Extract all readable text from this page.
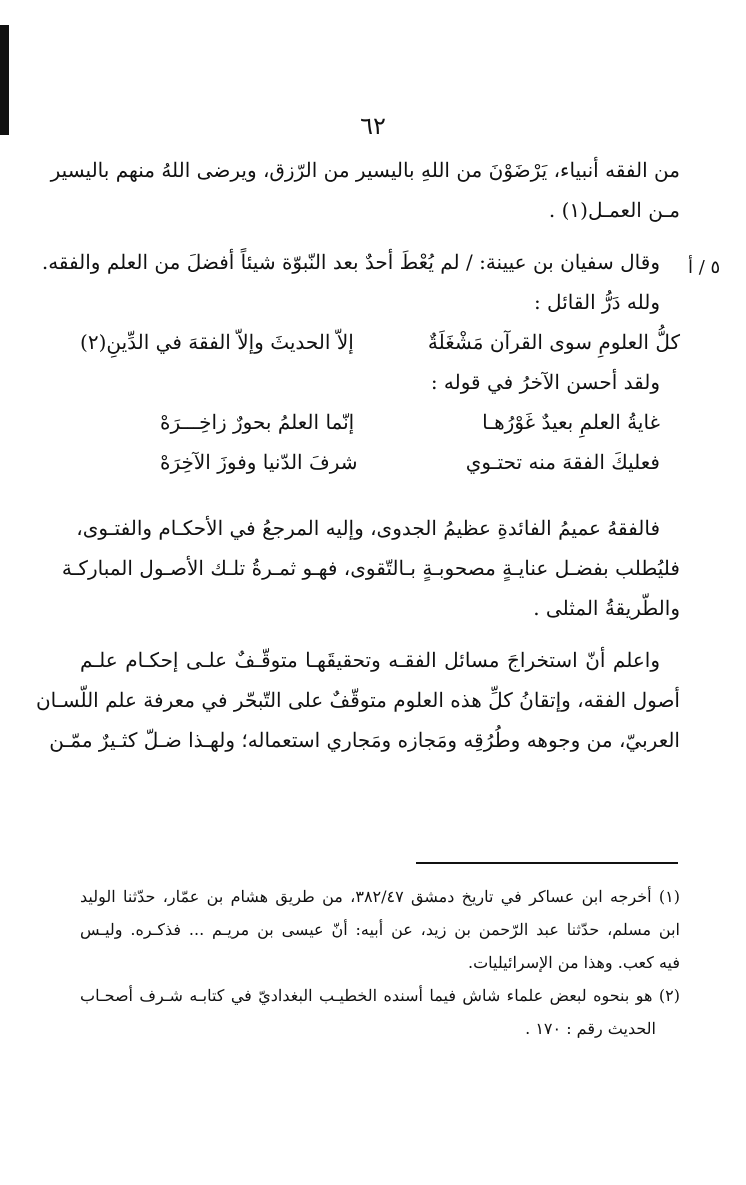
٦٢
٥ / أ
من الفقه أنبياء، يَرْضَوْنَ من اللهِ باليسير من الرّزق، ويرضى اللهُ منهم باليسير
مـن العمـل(١) .
وقال سفيان بن عيينة: / لم يُعْطَ أحدٌ بعد النّبوّة شيئاً أفضلَ من العلم والفقه.
ولله دَرُّ القائل :
كلُّ العلومِ سوى القرآن مَشْغَلَةٌ
إلاّ الحديثَ وإلاّ الفقهَ في الدِّينِ(٢)
ولقد أحسن الآخرُ في قوله :
غايةُ العلمِ بعيدٌ غَوْرُهـا
إنّما العلمُ بحورٌ زاخِـــرَهْ
فعليكَ الفقهَ منه تحتـوي
شرفَ الدّنيا وفوزَ الآخِرَهْ
فالفقهُ عميمُ الفائدةِ عظيمُ الجدوى، وإليه المرجعُ في الأحكـام والفتـوى،
فليُطلب بفضـل عنايـةٍ مصحوبـةٍ بـالتّقوى، فهـو ثمـرةُ تلـك الأصـول المباركـة
والطّريقةُ المثلى .
واعلم أنّ استخراجَ مسائل الفقـه وتحقيقَهـا متوقّـفٌ علـى إحكـام علـم
أصول الفقه، وإتقانُ كلِّ هذه العلوم متوقّفٌ على التّبحّر في معرفة علم اللّسـان
العربيّ، من وجوهه وطُرُقِه ومَجازه ومَجاري استعماله؛ ولهـذا ضـلّ كثـيرٌ ممّـن
(١) أخرجه ابن عساكر في تاريخ دمشق ٣٨٢/٤٧، من طريق هشام بن عمّار، حدّثنا الوليد
ابن مسلم، حدّثنا عبد الرّحمن بن زيد، عن أبيه: أنّ عيسى بن مريـم ... فذكـره. وليـس
فيه كعب. وهذا من الإسرائيليات.
(٢) هو بنحوه لبعض علماء شاش فيما أسنده الخطيـب البغداديّ في كتابـه شـرف أصحـاب
الحديث رقم : ١٧٠ .
